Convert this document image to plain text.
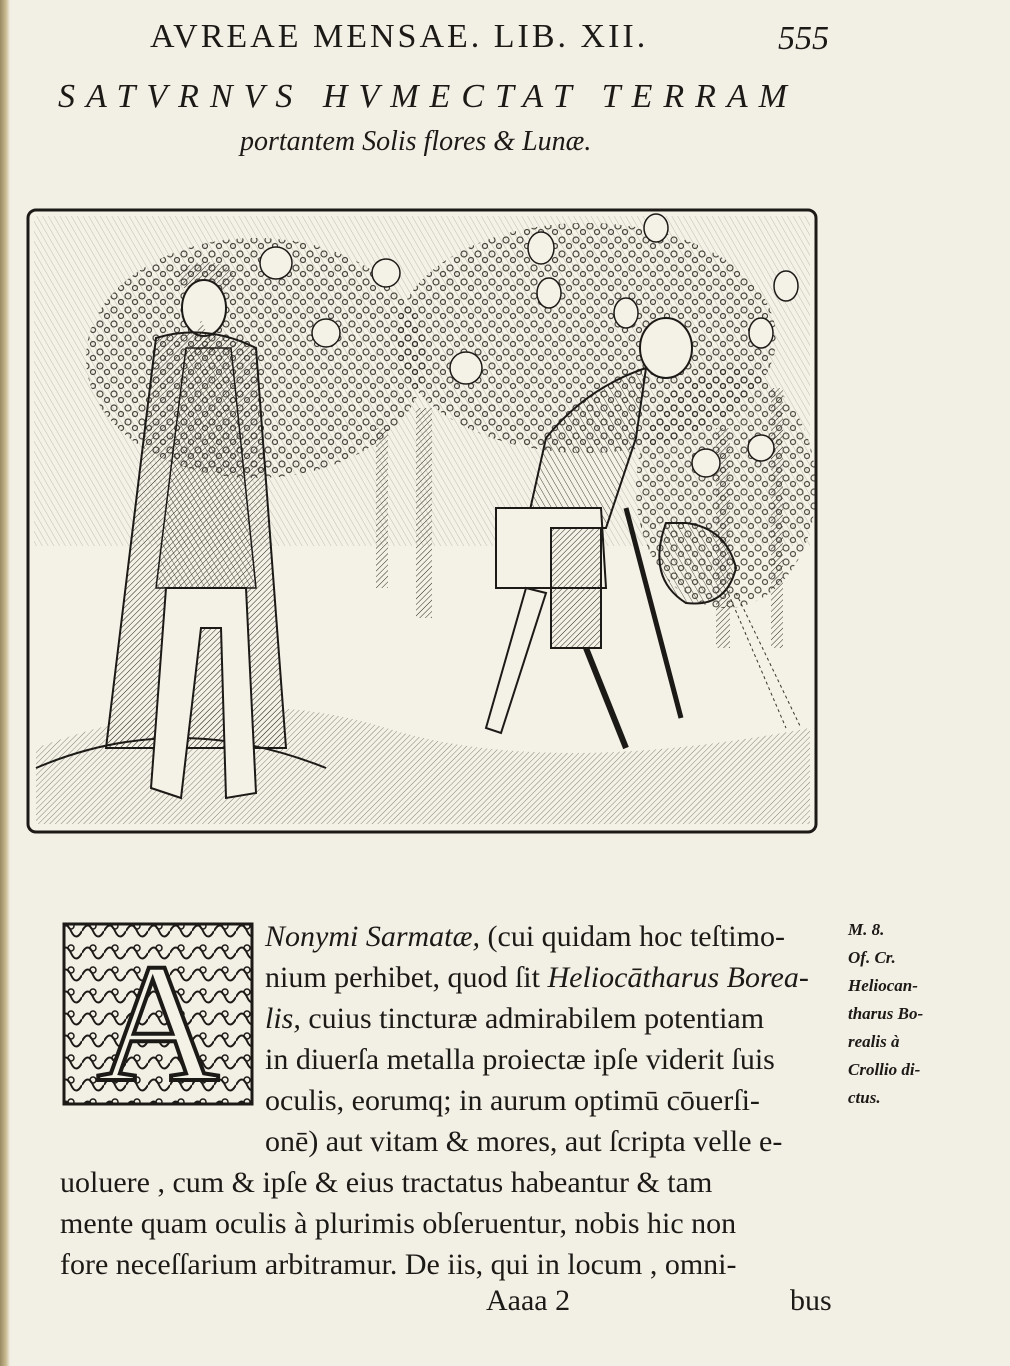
AVREAE MENSAE. LIB. XII.	555
SATVRNVS HVMECTAT TERRAM
portantem Solis flores & Lunæ.
A	Nonymi Sarmatæ, (cui quidam hoc teſtimo-
nium perhibet, quod ſit Heliocātharus Borea-
lis, cuius tincturæ admirabilem potentiam
in diuerſa metalla proiectæ ipſe viderit ſuis
oculis, eorumq; in aurum optimū cōuerſi-
onē) aut vitam & mores, aut ſcripta velle e-
uoluere , cum & ipſe & eius tractatus habeantur & tam
mente quam oculis à plurimis obſeruentur, nobis hic non
fore neceſſarium arbitramur. De iis, qui in locum , omni-
M. 8.
Of. Cr.
Heliocan-
tharus Bo-
realis à
Crollio di-
ctus.
Aaaa 2	bus
